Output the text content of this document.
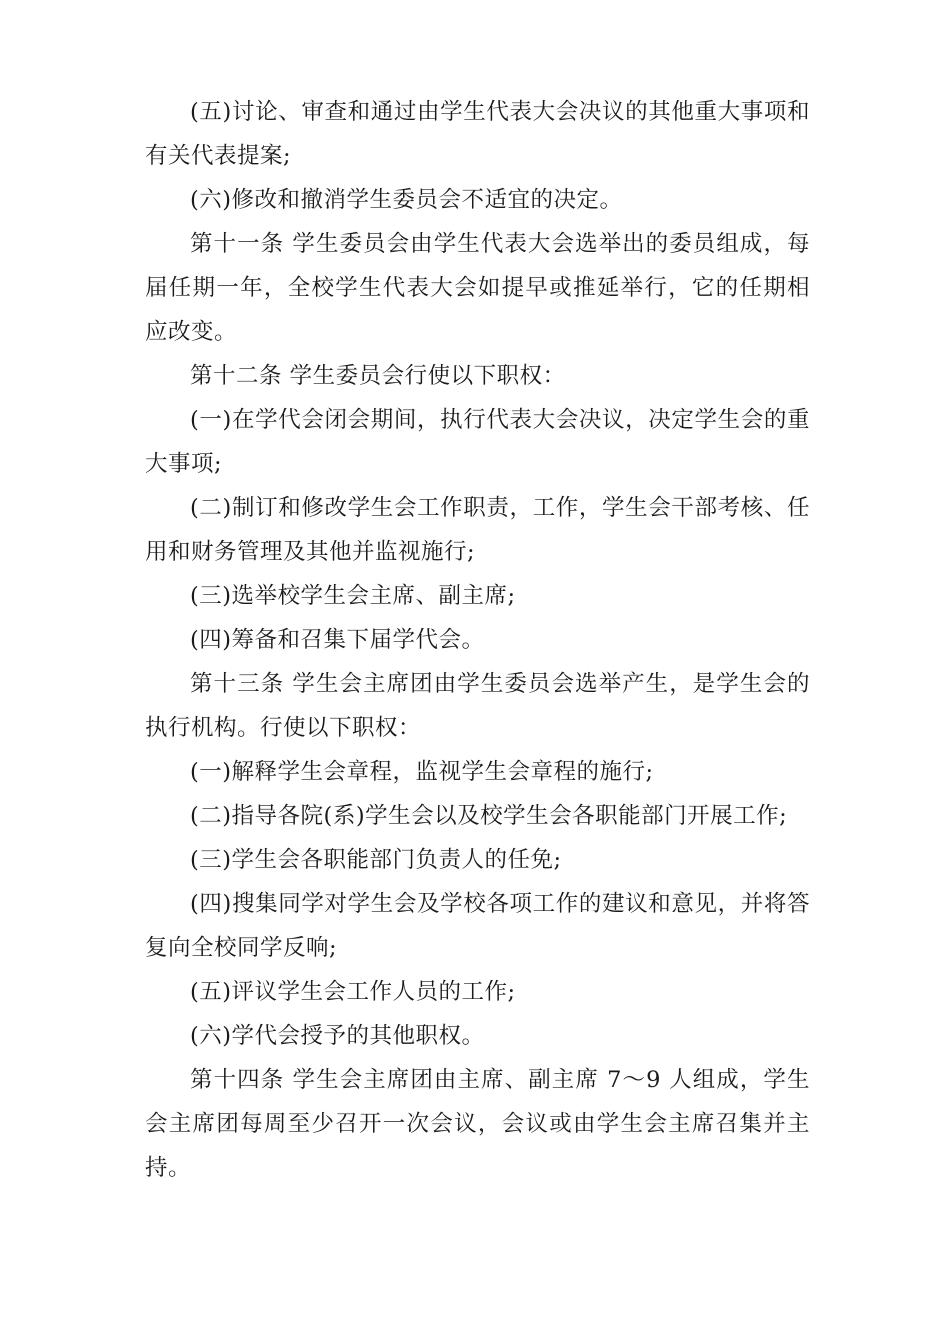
(五)讨论、审查和通过由学生代表大会决议的其他重大事项和有关代表提案;

(六)修改和撤消学生委员会不适宜的决定。

第十一条 学生委员会由学生代表大会选举出的委员组成，每届任期一年，全校学生代表大会如提早或推延举行，它的任期相应改变。

第十二条 学生委员会行使以下职权：

(一)在学代会闭会期间，执行代表大会决议，决定学生会的重大事项;

(二)制订和修改学生会工作职责，工作，学生会干部考核、任用和财务管理及其他并监视施行;

(三)选举校学生会主席、副主席;

(四)筹备和召集下届学代会。

第十三条 学生会主席团由学生委员会选举产生，是学生会的执行机构。行使以下职权：

(一)解释学生会章程，监视学生会章程的施行;

(二)指导各院(系)学生会以及校学生会各职能部门开展工作;

(三)学生会各职能部门负责人的任免;

(四)搜集同学对学生会及学校各项工作的建议和意见，并将答复向全校同学反响;

(五)评议学生会工作人员的工作;

(六)学代会授予的其他职权。

第十四条 学生会主席团由主席、副主席 7～9 人组成，学生会主席团每周至少召开一次会议，会议或由学生会主席召集并主持。
